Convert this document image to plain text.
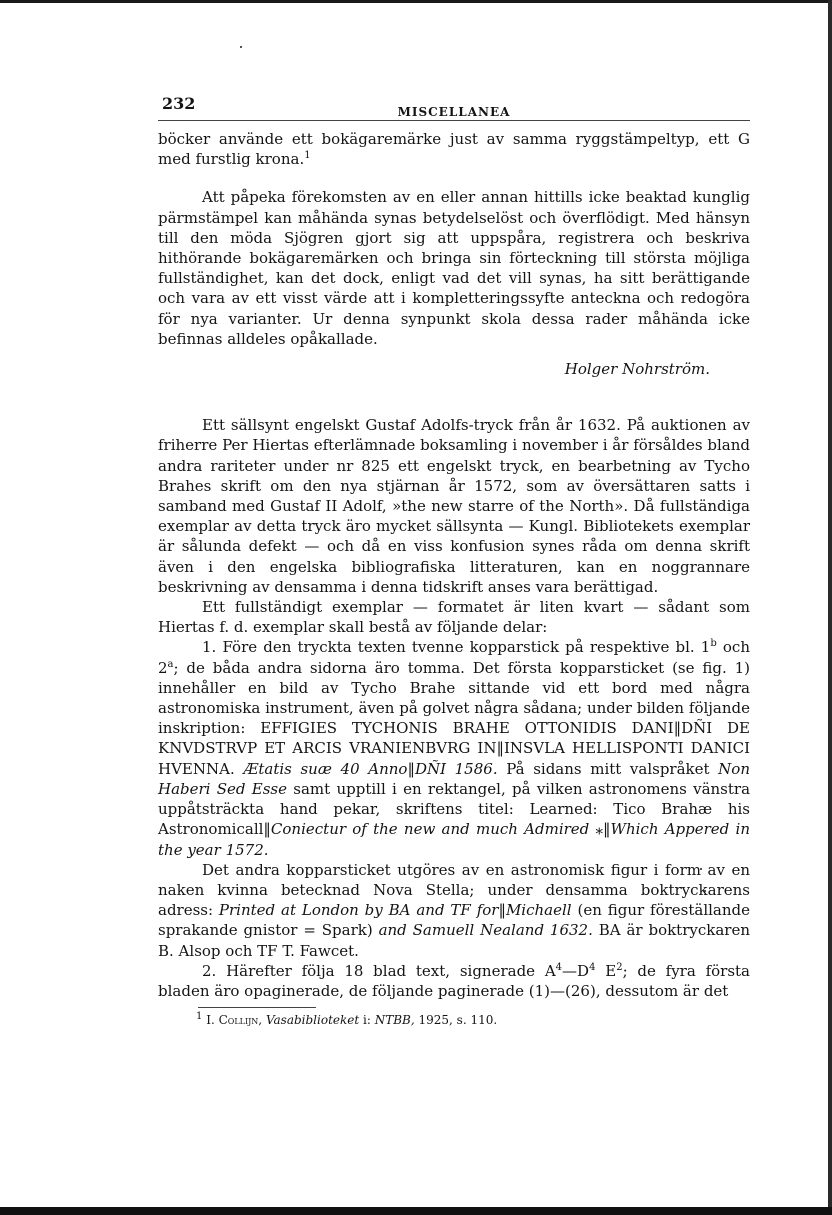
232	MISCELLANEA

böcker använde ett bokägaremärke just av samma ryggstämpeltyp, ett G med furstlig krona.$^1$

Att påpeka förekomsten av en eller annan hittills icke beaktad kunglig pärmstämpel kan måhända synas betydelselöst och överflödigt. Med hänsyn till den möda Sjögren gjort sig att uppspåra, registrera och beskriva hithörande bokägaremärken och bringa sin förteckning till största möjliga fullständighet, kan det dock, enligt vad det vill synas, ha sitt berättigande och vara av ett visst värde att i kompletteringssyfte anteckna och redogöra för nya varianter. Ur denna synpunkt skola dessa rader måhända icke befinnas alldeles opåkallade.

Holger Nohrström.

Ett sällsynt engelskt Gustaf Adolfs-tryck från år 1632. På auktionen av friherre Per Hiertas efterlämnade boksamling i november i år försåldes bland andra rariteter under nr 825 ett engelskt tryck, en bearbetning av Tycho Brahes skrift om den nya stjärnan år 1572, som av översättaren satts i samband med Gustaf II Adolf, »the new starre of the North». Då fullständiga exemplar av detta tryck äro mycket sällsynta — Kungl. Bibliotekets exemplar är sålunda defekt — och då en viss konfusion synes råda om denna skrift även i den engelska bibliografiska litteraturen, kan en noggrannare beskrivning av densamma i denna tidskrift anses vara berättigad.

Ett fullständigt exemplar — formatet är liten kvart — sådant som Hiertas f. d. exemplar skall bestå av följande delar:

1. Före den tryckta texten tvenne kopparstick på respektive bl. 1$^b$ och 2$^a$; de båda andra sidorna äro tomma. Det första kopparsticket (se fig. 1) innehåller en bild av Tycho Brahe sittande vid ett bord med några astronomiska instrument, även på golvet några sådana; under bilden följande inskription: EFFIGIES TYCHONIS BRAHE OTTONIDIS DANI‖DÑI DE KNVDSTRVP ET ARCIS VRANIENBVRG IN‖INSVLA HELLISPONTI DANICI HVENNA. Ætatis suæ 40 Anno‖DÑI 1586. På sidans mitt valspråket Non Haberi Sed Esse samt upptill i en rektangel, på vilken astronomens vänstra uppåtsträckta hand pekar, skriftens titel: Learned: Tico Brahæ his Astronomicall‖Coniectur of the new and much Admired ⁎‖Which Appered in the year 1572.

Det andra kopparsticket utgöres av en astronomisk figur i form av en naken kvinna betecknad Nova Stella; under densamma boktryckarens adress: Printed at London by BA and TF for‖Michaell (en figur föreställande sprakande gnistor = Spark) and Samuell Nealand 1632. BA är boktryckaren B. Alsop och TF T. Fawcet.

2. Härefter följa 18 blad text, signerade $A^4—D^4$ $E^2$; de fyra första bladen äro opaginerade, de följande paginerade (1)—(26), dessutom är det

$^1$ I. Collijn, Vasabiblioteket i: NTBB, 1925, s. 110.
